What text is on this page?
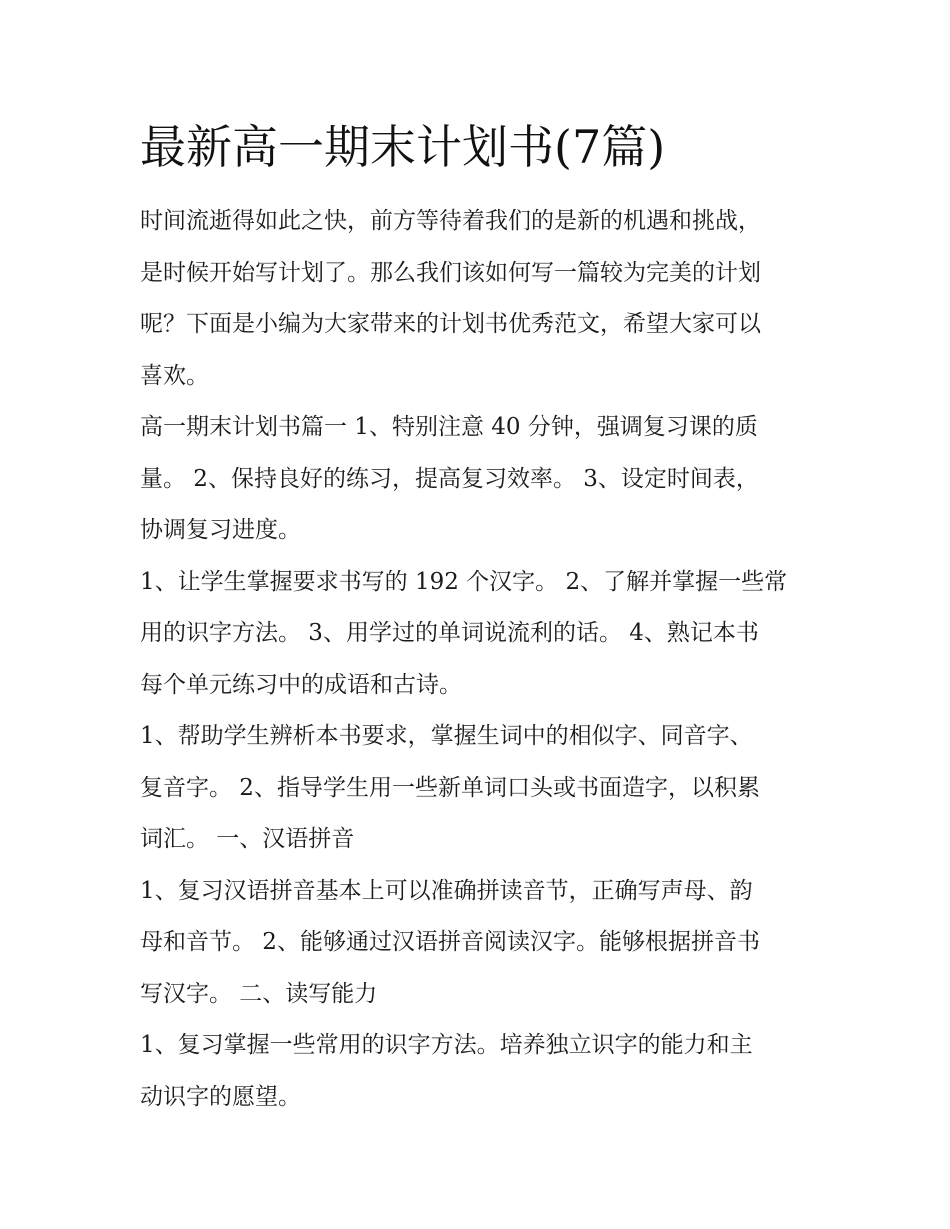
最新高一期末计划书(7篇)
时间流逝得如此之快，前方等待着我们的是新的机遇和挑战，
是时候开始写计划了。那么我们该如何写一篇较为完美的计划
呢？下面是小编为大家带来的计划书优秀范文，希望大家可以
喜欢。
高一期末计划书篇一 1、特别注意 40 分钟，强调复习课的质
量。 2、保持良好的练习，提高复习效率。 3、设定时间表，
协调复习进度。
1、让学生掌握要求书写的 192 个汉字。 2、了解并掌握一些常
用的识字方法。 3、用学过的单词说流利的话。 4、熟记本书
每个单元练习中的成语和古诗。
1、帮助学生辨析本书要求，掌握生词中的相似字、同音字、
复音字。 2、指导学生用一些新单词口头或书面造字，以积累
词汇。 一、汉语拼音
1、复习汉语拼音基本上可以准确拼读音节，正确写声母、韵
母和音节。 2、能够通过汉语拼音阅读汉字。能够根据拼音书
写汉字。 二、读写能力
1、复习掌握一些常用的识字方法。培养独立识字的能力和主
动识字的愿望。
